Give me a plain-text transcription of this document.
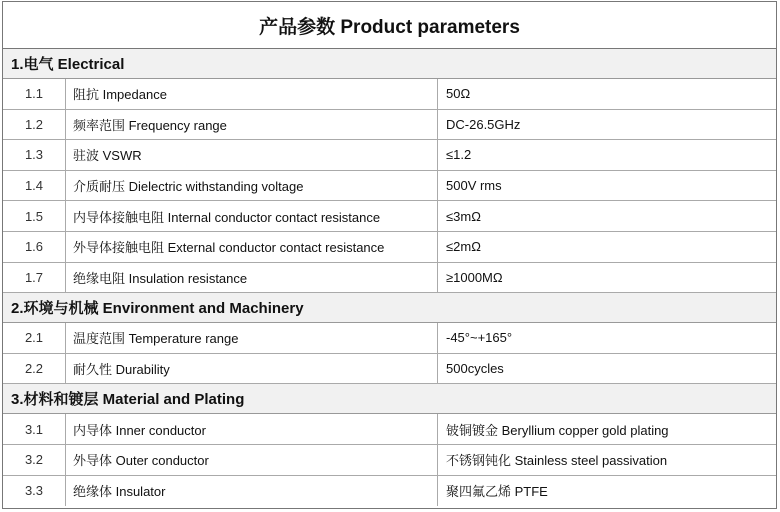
产品参数 Product parameters
1.电气 Electrical
1.1	阻抗 Impedance	50Ω
1.2	频率范围 Frequency range	DC-26.5GHz
1.3	驻波 VSWR	≤1.2
1.4	介质耐压 Dielectric withstanding voltage	500V rms
1.5	内导体接触电阻 Internal conductor contact resistance	≤3mΩ
1.6	外导体接触电阻 External conductor contact resistance	≤2mΩ
1.7	绝缘电阻 Insulation resistance	≥1000MΩ
2.环境与机械 Environment and Machinery
2.1	温度范围 Temperature range	-45°~+165°
2.2	耐久性 Durability	500cycles
3.材料和镀层 Material and Plating
3.1	内导体 Inner conductor	铍铜镀金 Beryllium copper gold plating
3.2	外导体 Outer conductor	不锈钢钝化 Stainless steel passivation
3.3	绝缘体 Insulator	聚四氟乙烯 PTFE
